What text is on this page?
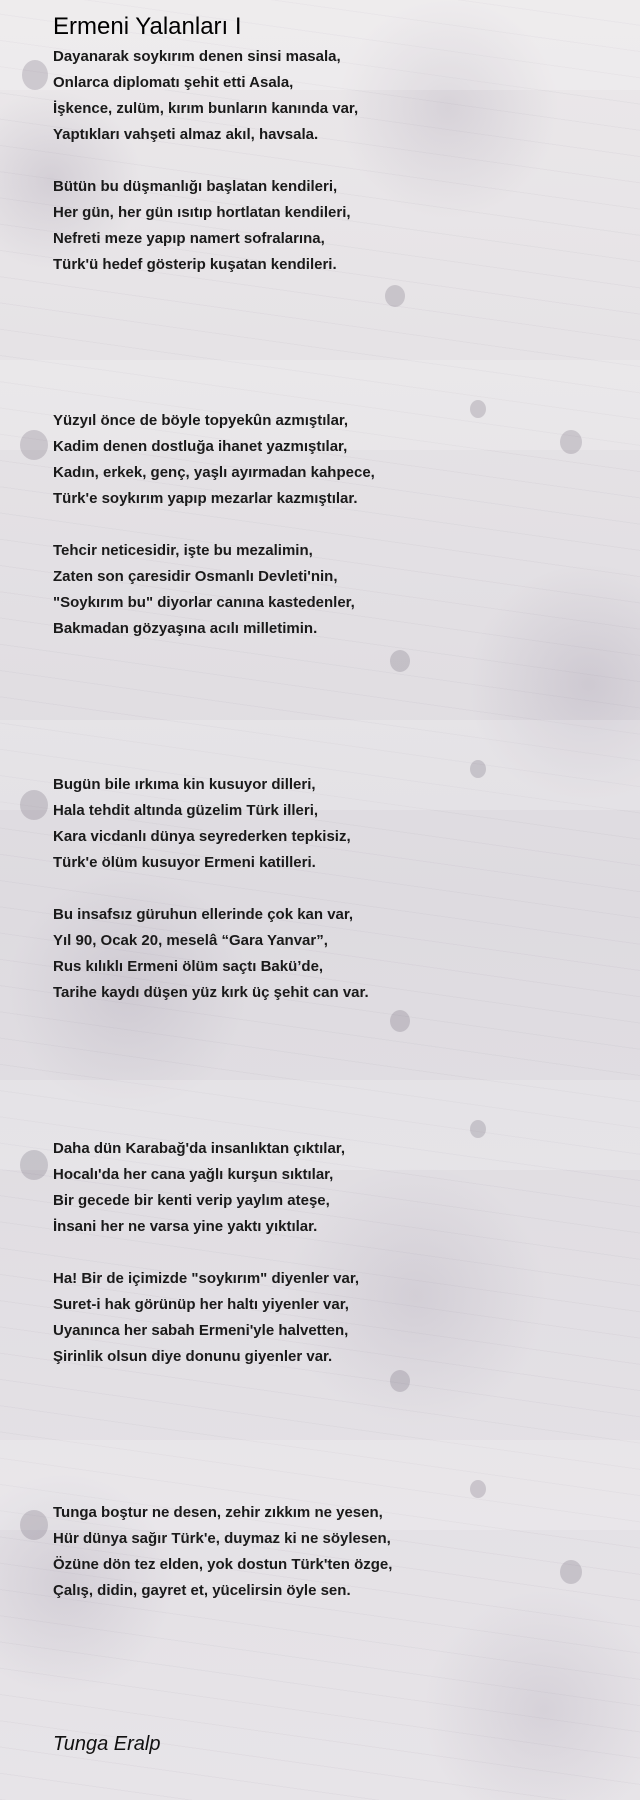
Ermeni Yalanları I
Dayanarak soykırım denen sinsi masala,
Onlarca diplomatı şehit etti Asala,
İşkence, zulüm, kırım bunların kanında var,
Yaptıkları vahşeti almaz akıl, havsala.
Bütün bu düşmanlığı başlatan kendileri,
Her gün, her gün ısıtıp hortlatan kendileri,
Nefreti meze yapıp namert sofralarına,
Türk'ü hedef gösterip kuşatan kendileri.
Yüzyıl önce de böyle topyekûn azmıştılar,
Kadim denen dostluğa ihanet yazmıştılar,
Kadın, erkek, genç, yaşlı ayırmadan kahpece,
Türk'e soykırım yapıp mezarlar kazmıştılar.
Tehcir neticesidir, işte bu mezalimin,
Zaten son çaresidir Osmanlı Devleti'nin,
"Soykırım bu" diyorlar canına kastedenler,
Bakmadan gözyaşına acılı milletimin.
Bugün bile ırkıma kin kusuyor dilleri,
Hala tehdit altında güzelim Türk illeri,
Kara vicdanlı dünya seyrederken tepkisiz,
Türk'e ölüm kusuyor Ermeni katilleri.
Bu insafsız güruhun ellerinde çok kan var,
Yıl 90, Ocak 20, meselâ “Gara Yanvar”,
Rus kılıklı Ermeni ölüm saçtı Bakü’de,
Tarihe kaydı düşen yüz kırk üç şehit can var.
Daha dün Karabağ'da insanlıktan çıktılar,
Hocalı'da her cana yağlı kurşun sıktılar,
Bir gecede bir kenti verip yaylım ateşe,
İnsani her ne varsa yine yaktı yıktılar.
Ha! Bir de içimizde "soykırım" diyenler var,
Suret-i hak görünüp her haltı yiyenler var,
Uyanınca her sabah Ermeni'yle halvetten,
Şirinlik olsun diye donunu giyenler var.
Tunga boştur ne desen, zehir zıkkım ne yesen,
Hür dünya sağır Türk'e, duymaz ki ne söylesen,
Özüne dön tez elden, yok dostun Türk'ten özge,
Çalış, didin, gayret et, yücelirsin öyle sen.

Tunga Eralp
